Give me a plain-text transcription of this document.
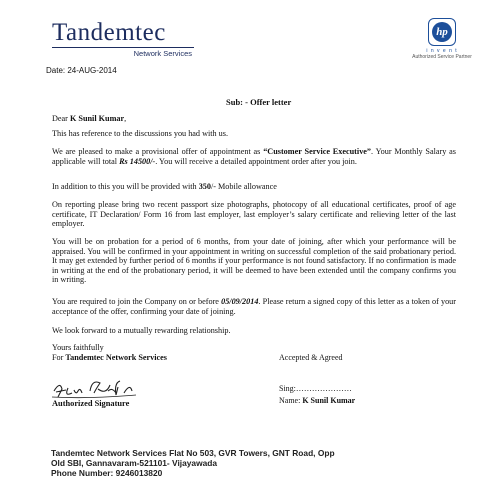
Tandemtec
Network Services
hp
i n v e n t
Authorized Service Partner
Date: 24-AUG-2014
Sub: - Offer letter
Dear K Sunil Kumar,
This has reference to the discussions you had with us.
We are pleased to make a provisional offer of appointment as “Customer Service Executive”. Your Monthly Salary as applicable will total Rs 14500/-. You will receive a detailed appointment order after you join.
In addition to this you will be provided with 350/- Mobile allowance
On reporting please bring two recent passport size photographs, photocopy of all educational certificates, proof of age certificate, IT Declaration/ Form 16 from last employer, last employer’s salary certificate and relieving letter of the last employer.
You will be on probation for a period of 6 months, from your date of joining, after which your performance will be appraised. You will be confirmed in your appointment in writing on successful completion of the said probationary period. It may get extended by further period of 6 months if your performance is not found satisfactory. If no confirmation is made in writing at the end of the probationary period, it will be deemed to have been extended until the company confirms you in writing.
You are required to join the Company on or before 05/09/2014. Please return a signed copy of this letter as a token of your acceptance of the offer, confirming your date of joining.
We look forward to a mutually rewarding relationship.
Yours faithfully
For Tandemtec Network Services	Accepted & Agreed
Authorized Signature
Sing:…………………
Name: K Sunil Kumar
Tandemtec Network Services Flat No 503, GVR Towers, GNT Road, Opp
Old SBI, Gannavaram-521101- Vijayawada
Phone Number: 9246013820
